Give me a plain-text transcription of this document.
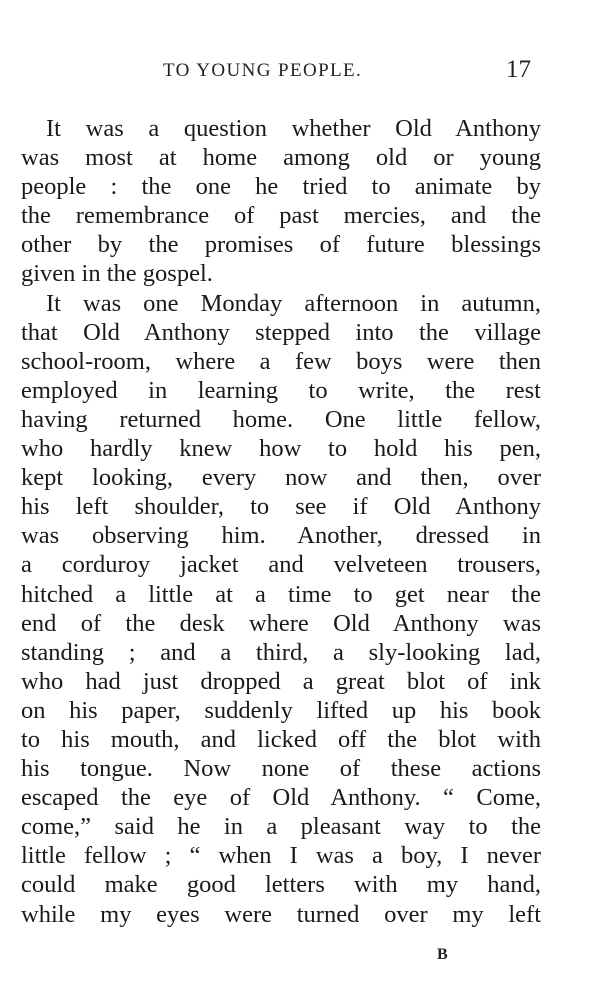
TO YOUNG PEOPLE.	17
It was a question whether Old Anthony
was most at home among old or young
people : the one he tried to animate by
the remembrance of past mercies, and the
other by the promises of future blessings
given in the gospel.
It was one Monday afternoon in autumn,
that Old Anthony stepped into the village
school-room, where a few boys were then
employed in learning to write, the rest
having returned home. One little fellow,
who hardly knew how to hold his pen,
kept looking, every now and then, over
his left shoulder, to see if Old Anthony
was observing him. Another, dressed in
a corduroy jacket and velveteen trousers,
hitched a little at a time to get near the
end of the desk where Old Anthony was
standing ; and a third, a sly-looking lad,
who had just dropped a great blot of ink
on his paper, suddenly lifted up his book
to his mouth, and licked off the blot with
his tongue. Now none of these actions
escaped the eye of Old Anthony. “ Come,
come,” said he in a pleasant way to the
little fellow ; “ when I was a boy, I never
could make good letters with my hand,
while my eyes were turned over my left
B
